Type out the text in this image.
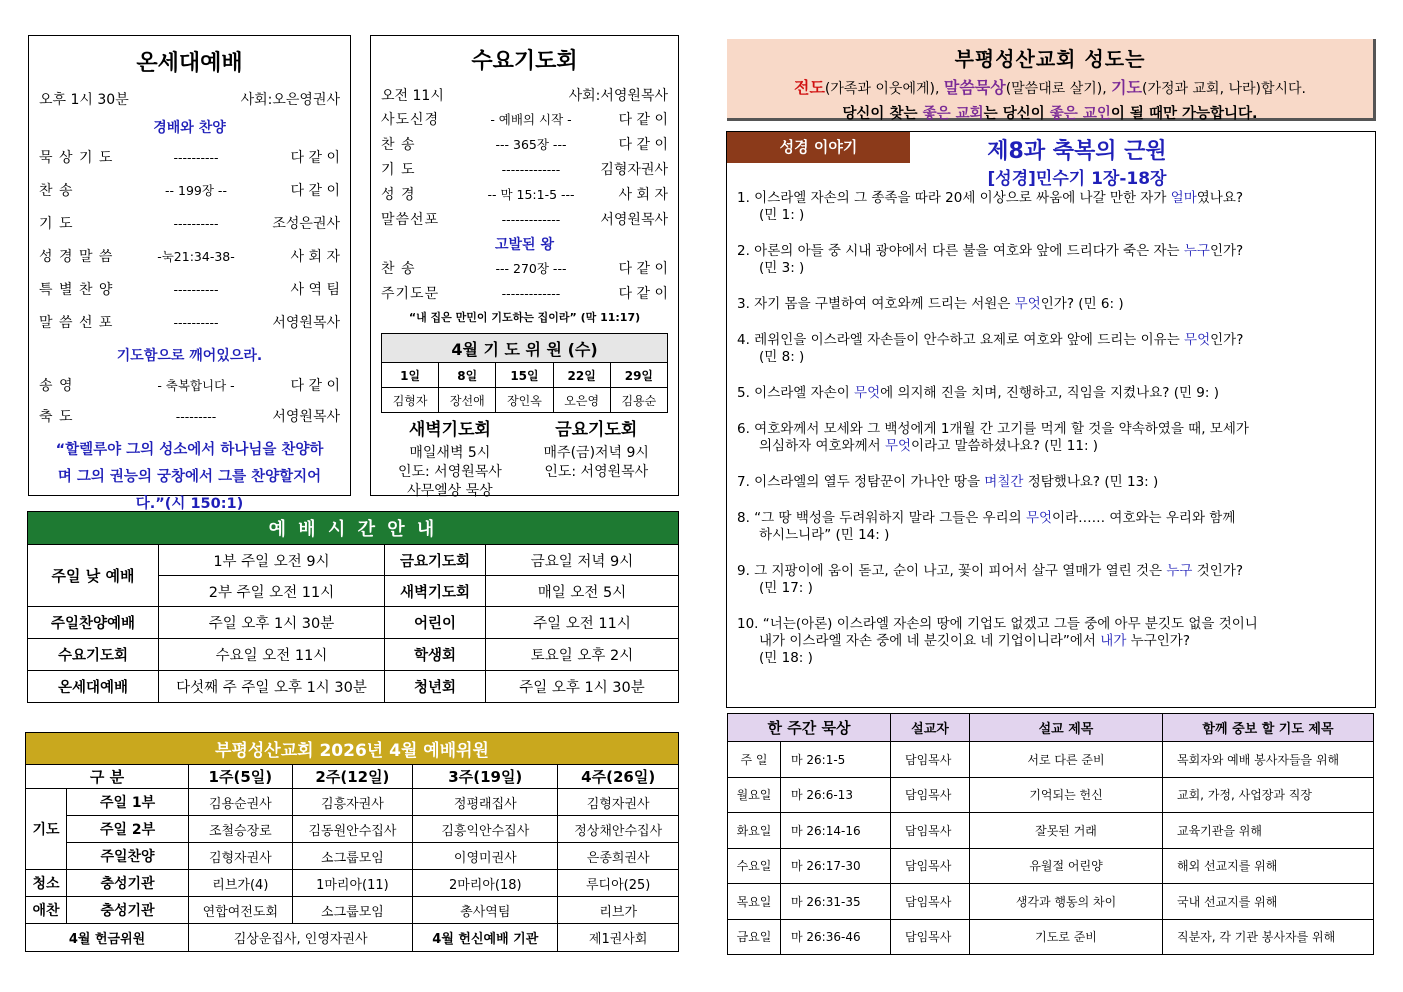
온세대예배
오후 1시 30분	사회:오은영권사
경배와 찬양
묵 상 기 도	----------	다 같 이
찬 송	-- 199장 --	다 같 이
기 도	----------	조성은권사
성 경 말 씀	-눅21:34-38-	사 회 자
특 별 찬 양	----------	사 역 팀
말 씀 선 포	----------	서영원목사
기도함으로 깨어있으라.
송 영	- 축복합니다 -	다 같 이
축 도	---------	서영원목사
“할렐루야 그의 성소에서 하나님을 찬양하며 그의 권능의 궁창에서 그를 찬양할지어다.”(시 150:1)
수요기도회
오전 11시	사회:서영원목사
사도신경	- 예배의 시작 -	다 같 이
찬 송	--- 365장 ---	다 같 이
기 도	-------------	김형자권사
성 경	-- 막 15:1-5 ---	사 회 자
말씀선포	-------------	서영원목사
고발된 왕
찬 송	--- 270장 ---	다 같 이
주기도문	-------------	다 같 이
“내 집은 만민이 기도하는 집이라” (막 11:17)
4월 기 도 위 원 (수)				
1일	8일	15일	22일	29일
김형자	장선애	장인옥	오은영	김용순
새벽기도회
매일새벽 5시
인도: 서영원목사
사무엘상 묵상
금요기도회
매주(금)저녁 9시
인도: 서영원목사
예 배 시 간 안 내			
주일 낮 예배	1부 주일 오전 9시	금요기도회	금요일 저녁 9시
	2부 주일 오전 11시	새벽기도회	매일 오전 5시
주일찬양예배	주일 오후 1시 30분	어린이	주일 오전 11시
수요기도회	수요일 오전 11시	학생회	토요일 오후 2시
온세대예배	다섯째 주 주일 오후 1시 30분	청년회	주일 오후 1시 30분
부평성산교회 2026년 4월 예배위원					
구 분		1주(5일)	2주(12일)	3주(19일)	4주(26일)
기도	주일 1부	김용순권사	김흥자권사	정평래집사	김형자권사
	주일 2부	조철승장로	김동원안수집사	김흥익안수집사	정상채안수집사
	주일찬양	김형자권사	소그룹모임	이영미권사	은종희권사
청소	충성기관	리브가(4)	1마리아(11)	2마리아(18)	루디아(25)
애찬	충성기관	연합여전도회	소그룹모임	총사역팀	리브가
4월 헌금위원		김상운집사, 인영자권사		4월 헌신예배 기관	제1권사회
부평성산교회 성도는
전도(가족과 이웃에게), 말씀묵상(말씀대로 살기), 기도(가정과 교회, 나라)합시다.
당신이 찾는 좋은 교회는 당신이 좋은 교인이 될 때만 가능합니다.
성경 이야기	제8과 축복의 근원
[성경]민수기 1장-18장
1. 이스라엘 자손의 그 종족을 따라 20세 이상으로 싸움에 나갈 만한 자가 얼마였나요?
(민 1: )
2. 아론의 아들 중 시내 광야에서 다른 불을 여호와 앞에 드리다가 죽은 자는 누구인가?
(민 3: )
3. 자기 몸을 구별하여 여호와께 드리는 서원은 무엇인가? (민 6: )
4. 레위인을 이스라엘 자손들이 안수하고 요제로 여호와 앞에 드리는 이유는 무엇인가?
(민 8: )
5. 이스라엘 자손이 무엇에 의지해 진을 치며, 진행하고, 직임을 지켰나요? (민 9: )
6. 여호와께서 모세와 그 백성에게 1개월 간 고기를 먹게 할 것을 약속하였을 때, 모세가
의심하자 여호와께서 무엇이라고 말씀하셨나요? (민 11: )
7. 이스라엘의 열두 정탐꾼이 가나안 땅을 며칠간 정탐했나요? (민 13: )
8. “그 땅 백성을 두려워하지 말라 그들은 우리의 무엇이라…… 여호와는 우리와 함께
하시느니라” (민 14: )
9. 그 지팡이에 움이 돋고, 순이 나고, 꽃이 피어서 살구 열매가 열린 것은 누구 것인가?
(민 17: )
10. “너는(아론) 이스라엘 자손의 땅에 기업도 없겠고 그들 중에 아무 분깃도 없을 것이니
내가 이스라엘 자손 중에 네 분깃이요 네 기업이니라”에서 내가 누구인가?
(민 18: )
한 주간 묵상		설교자	설교 제목	함께 중보 할 기도 제목
주 일	마 26:1-5	담임목사	서로 다른 준비	목회자와 예배 봉사자들을 위해
월요일	마 26:6-13	담임목사	기억되는 헌신	교회, 가정, 사업장과 직장
화요일	마 26:14-16	담임목사	잘못된 거래	교육기관을 위해
수요일	마 26:17-30	담임목사	유월절 어린양	해외 선교지를 위해
목요일	마 26:31-35	담임목사	생각과 행동의 차이	국내 선교지를 위해
금요일	마 26:36-46	담임목사	기도로 준비	직분자, 각 기관 봉사자를 위해
